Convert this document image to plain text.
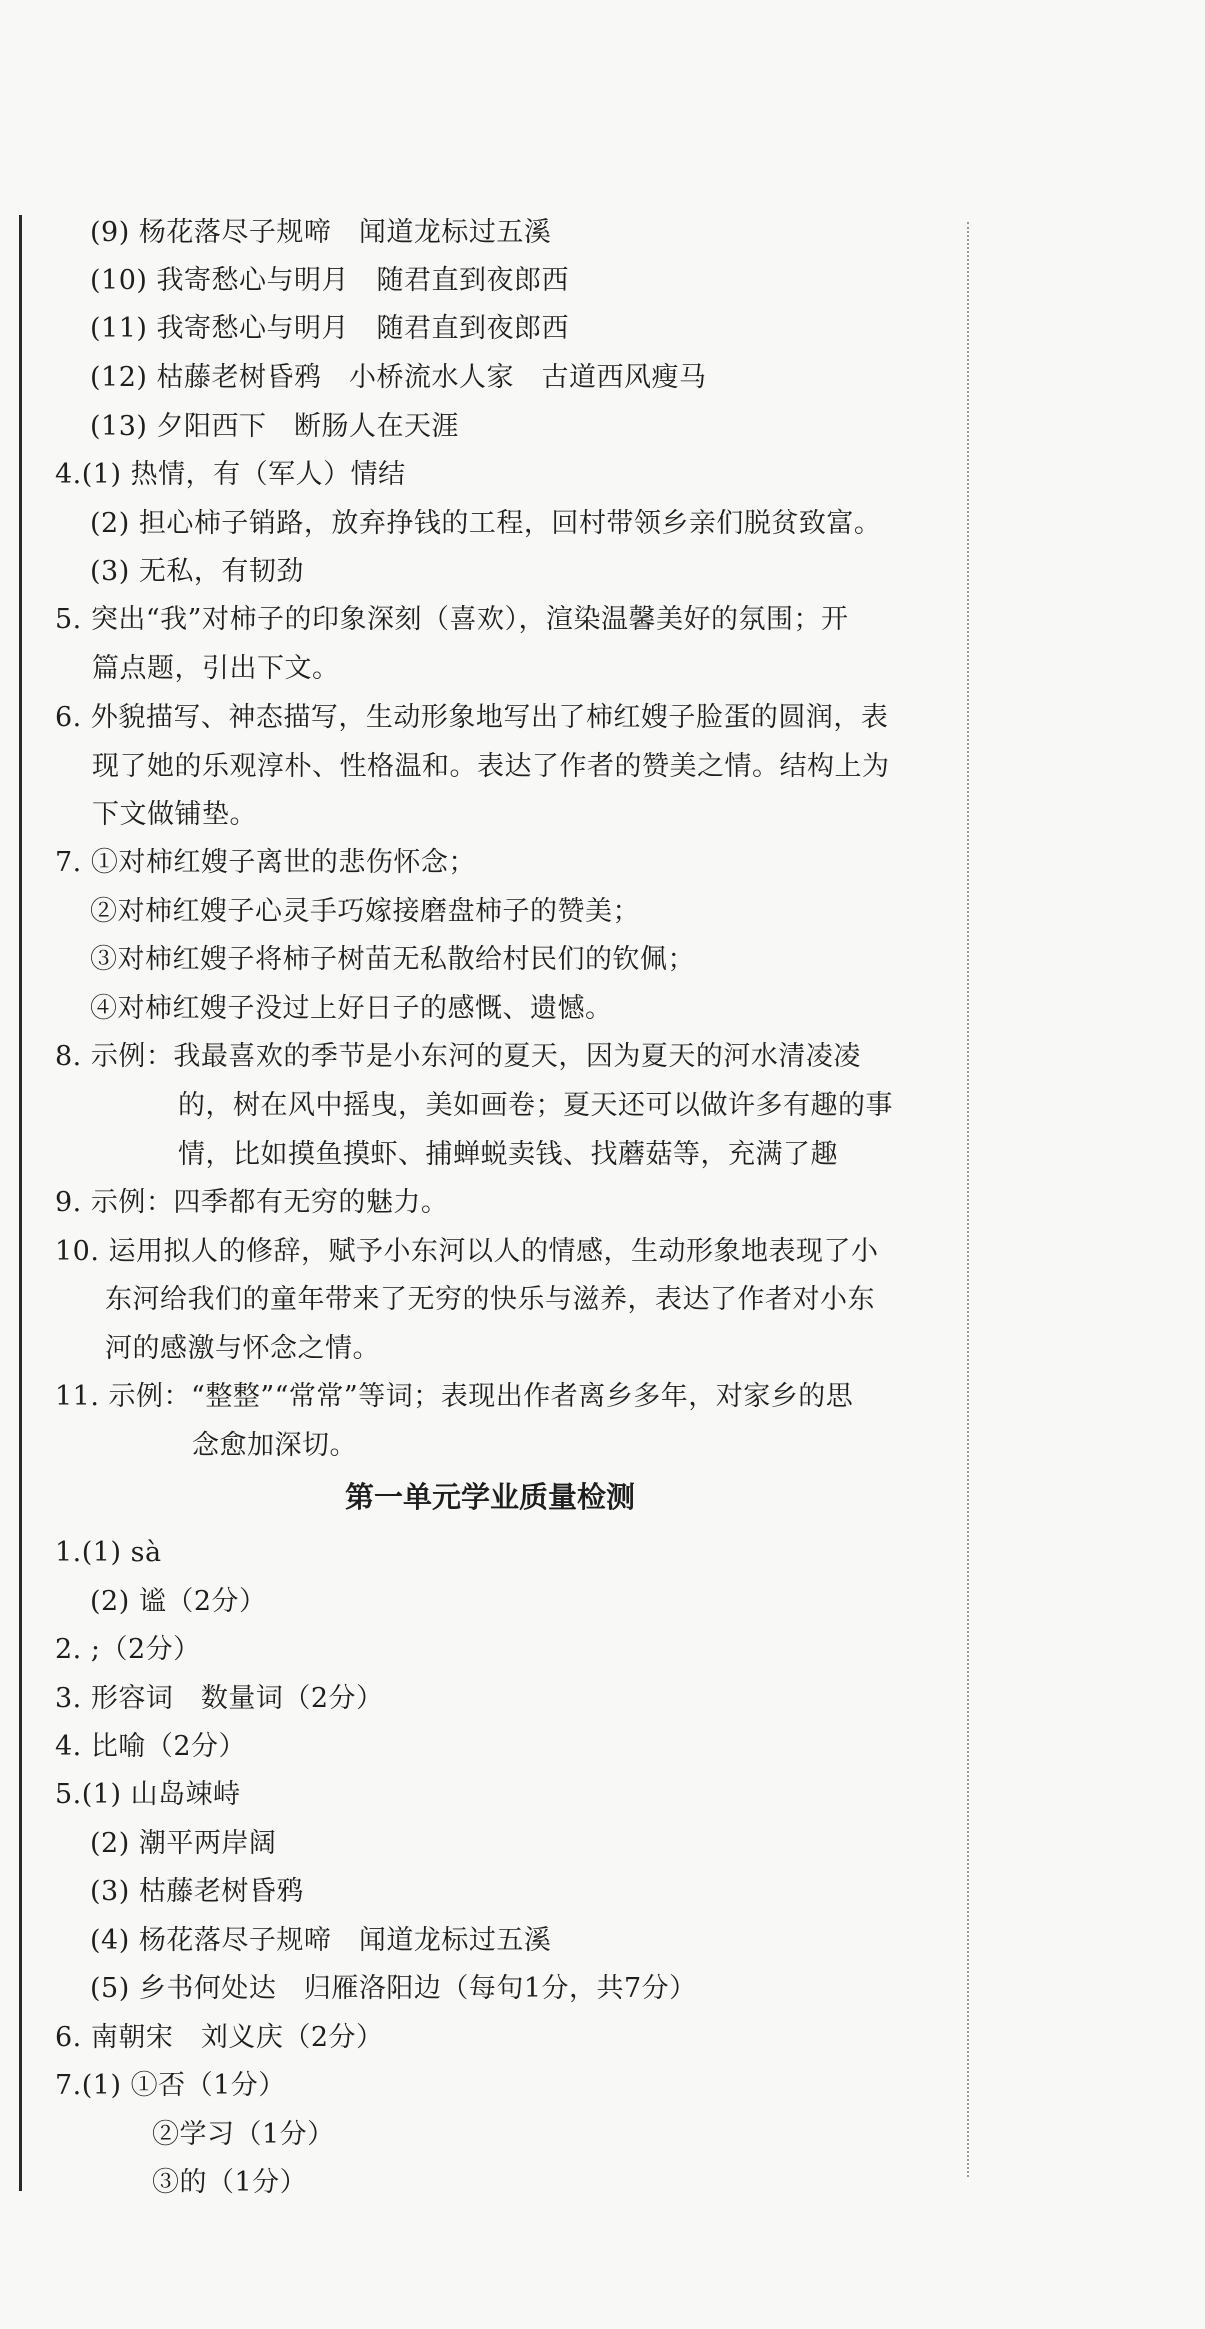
(9) 杨花落尽子规啼　闻道龙标过五溪
(10) 我寄愁心与明月　随君直到夜郎西
(11) 我寄愁心与明月　随君直到夜郎西
(12) 枯藤老树昏鸦　小桥流水人家　古道西风瘦马
(13) 夕阳西下　断肠人在天涯
4.(1) 热情，有（军人）情结
(2) 担心柿子销路，放弃挣钱的工程，回村带领乡亲们脱贫致富。
(3) 无私，有韧劲
5. 突出“我”对柿子的印象深刻（喜欢），渲染温馨美好的氛围；开
篇点题，引出下文。
6. 外貌描写、神态描写，生动形象地写出了柿红嫂子脸蛋的圆润，表
现了她的乐观淳朴、性格温和。表达了作者的赞美之情。结构上为
下文做铺垫。
7. ①对柿红嫂子离世的悲伤怀念；
②对柿红嫂子心灵手巧嫁接磨盘柿子的赞美；
③对柿红嫂子将柿子树苗无私散给村民们的钦佩；
④对柿红嫂子没过上好日子的感慨、遗憾。
8. 示例：我最喜欢的季节是小东河的夏天，因为夏天的河水清凌凌
的，树在风中摇曳，美如画卷；夏天还可以做许多有趣的事
情，比如摸鱼摸虾、捕蝉蜕卖钱、找蘑菇等，充满了趣
9. 示例：四季都有无穷的魅力。
10. 运用拟人的修辞，赋予小东河以人的情感，生动形象地表现了小
东河给我们的童年带来了无穷的快乐与滋养，表达了作者对小东
河的感激与怀念之情。
11. 示例：“整整”“常常”等词；表现出作者离乡多年，对家乡的思
念愈加深切。
第一单元学业质量检测
1.(1) sà
(2) 谧（2分）
2. ;（2分）
3. 形容词　数量词（2分）
4. 比喻（2分）
5.(1) 山岛竦峙
(2) 潮平两岸阔
(3) 枯藤老树昏鸦
(4) 杨花落尽子规啼　闻道龙标过五溪
(5) 乡书何处达　归雁洛阳边（每句1分，共7分）
6. 南朝宋　刘义庆（2分）
7.(1) ①否（1分）
②学习（1分）
③的（1分）
